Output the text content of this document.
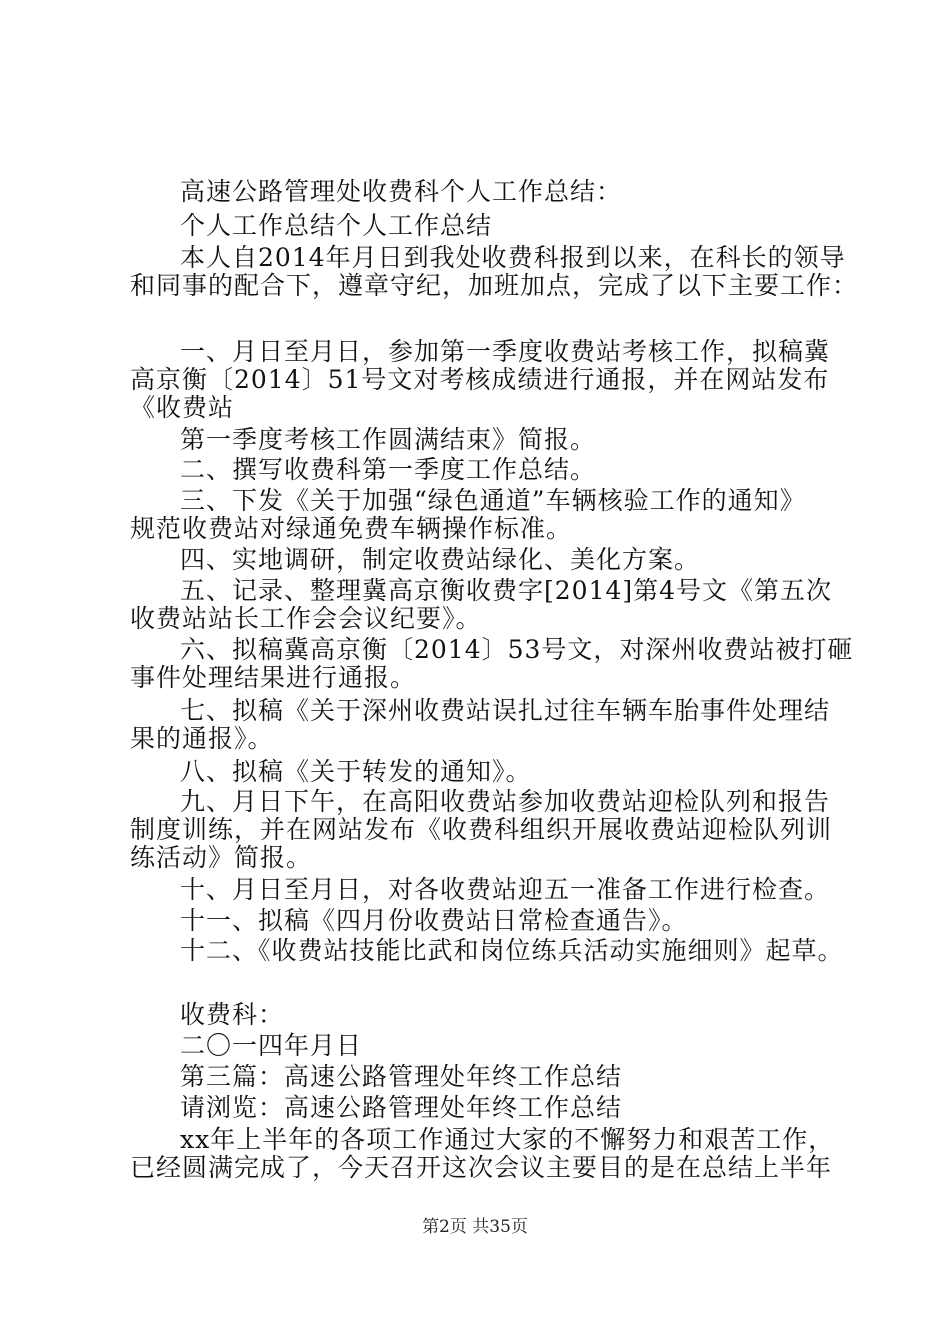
高速公路管理处收费科个人工作总结：
个人工作总结个人工作总结
本人自2014年月日到我处收费科报到以来，在科长的领导
和同事的配合下，遵章守纪，加班加点，完成了以下主要工作：
一、月日至月日，参加第一季度收费站考核工作，拟稿冀
高京衡〔2014〕51号文对考核成绩进行通报，并在网站发布
《收费站
第一季度考核工作圆满结束》简报。
二、撰写收费科第一季度工作总结。
三、下发《关于加强“绿色通道”车辆核验工作的通知》
规范收费站对绿通免费车辆操作标准。
四、实地调研，制定收费站绿化、美化方案。
五、记录、整理冀高京衡收费字[2014]第4号文《第五次
收费站站长工作会会议纪要》。
六、拟稿冀高京衡〔2014〕53号文，对深州收费站被打砸
事件处理结果进行通报。
七、拟稿《关于深州收费站误扎过往车辆车胎事件处理结
果的通报》。
八、拟稿《关于转发的通知》。
九、月日下午，在高阳收费站参加收费站迎检队列和报告
制度训练，并在网站发布《收费科组织开展收费站迎检队列训
练活动》简报。
十、月日至月日，对各收费站迎五一准备工作进行检查。
十一、拟稿《四月份收费站日常检查通告》。
十二、《收费站技能比武和岗位练兵活动实施细则》起草。
收费科：
二〇一四年月日
第三篇：高速公路管理处年终工作总结
请浏览：高速公路管理处年终工作总结
xx年上半年的各项工作通过大家的不懈努力和艰苦工作，
已经圆满完成了，今天召开这次会议主要目的是在总结上半年
第2页 共35页
